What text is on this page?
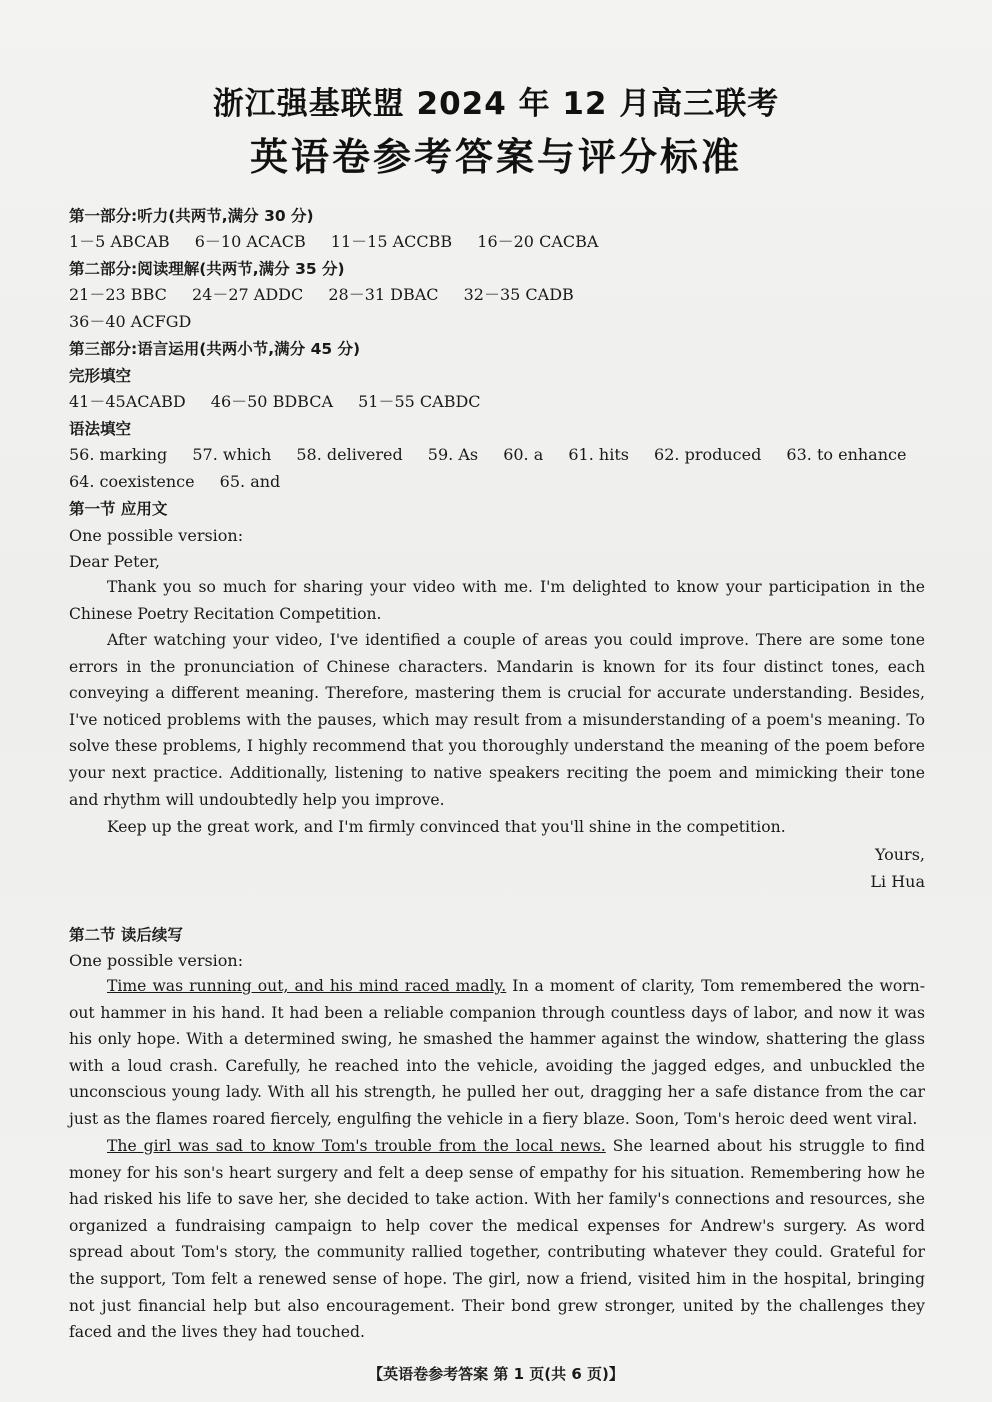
浙江强基联盟 2024 年 12 月高三联考
英语卷参考答案与评分标准
第一部分:听力(共两节,满分 30 分)
1－5 ABCAB 6－10 ACACB 11－15 ACCBB 16－20 CACBA
第二部分:阅读理解(共两节,满分 35 分)
21－23 BBC 24－27 ADDC 28－31 DBAC 32－35 CADB
36－40 ACFGD
第三部分:语言运用(共两小节,满分 45 分)
完形填空
41－45ACABD 46－50 BDBCA 51－55 CABDC
语法填空
56. marking 57. which 58. delivered 59. As 60. a 61. hits 62. produced 63. to enhance
64. coexistence 65. and
第一节 应用文
One possible version:
Dear Peter,

Thank you so much for sharing your video with me. I'm delighted to know your participation in the Chinese Poetry Recitation Competition.

After watching your video, I've identified a couple of areas you could improve. There are some tone errors in the pronunciation of Chinese characters. Mandarin is known for its four distinct tones, each conveying a different meaning. Therefore, mastering them is crucial for accurate understanding. Besides, I've noticed problems with the pauses, which may result from a misunderstanding of a poem's meaning. To solve these problems, I highly recommend that you thoroughly understand the meaning of the poem before your next practice. Additionally, listening to native speakers reciting the poem and mimicking their tone and rhythm will undoubtedly help you improve.

Keep up the great work, and I'm firmly convinced that you'll shine in the competition.

Yours,
Li Hua
第二节 读后续写
One possible version:

Time was running out, and his mind raced madly. In a moment of clarity, Tom remembered the worn-out hammer in his hand. It had been a reliable companion through countless days of labor, and now it was his only hope. With a determined swing, he smashed the hammer against the window, shattering the glass with a loud crash. Carefully, he reached into the vehicle, avoiding the jagged edges, and unbuckled the unconscious young lady. With all his strength, he pulled her out, dragging her a safe distance from the car just as the flames roared fiercely, engulfing the vehicle in a fiery blaze. Soon, Tom's heroic deed went viral.

The girl was sad to know Tom's trouble from the local news. She learned about his struggle to find money for his son's heart surgery and felt a deep sense of empathy for his situation. Remembering how he had risked his life to save her, she decided to take action. With her family's connections and resources, she organized a fundraising campaign to help cover the medical expenses for Andrew's surgery. As word spread about Tom's story, the community rallied together, contributing whatever they could. Grateful for the support, Tom felt a renewed sense of hope. The girl, now a friend, visited him in the hospital, bringing not just financial help but also encouragement. Their bond grew stronger, united by the challenges they faced and the lives they had touched.

【英语卷参考答案 第 1 页(共 6 页)】
